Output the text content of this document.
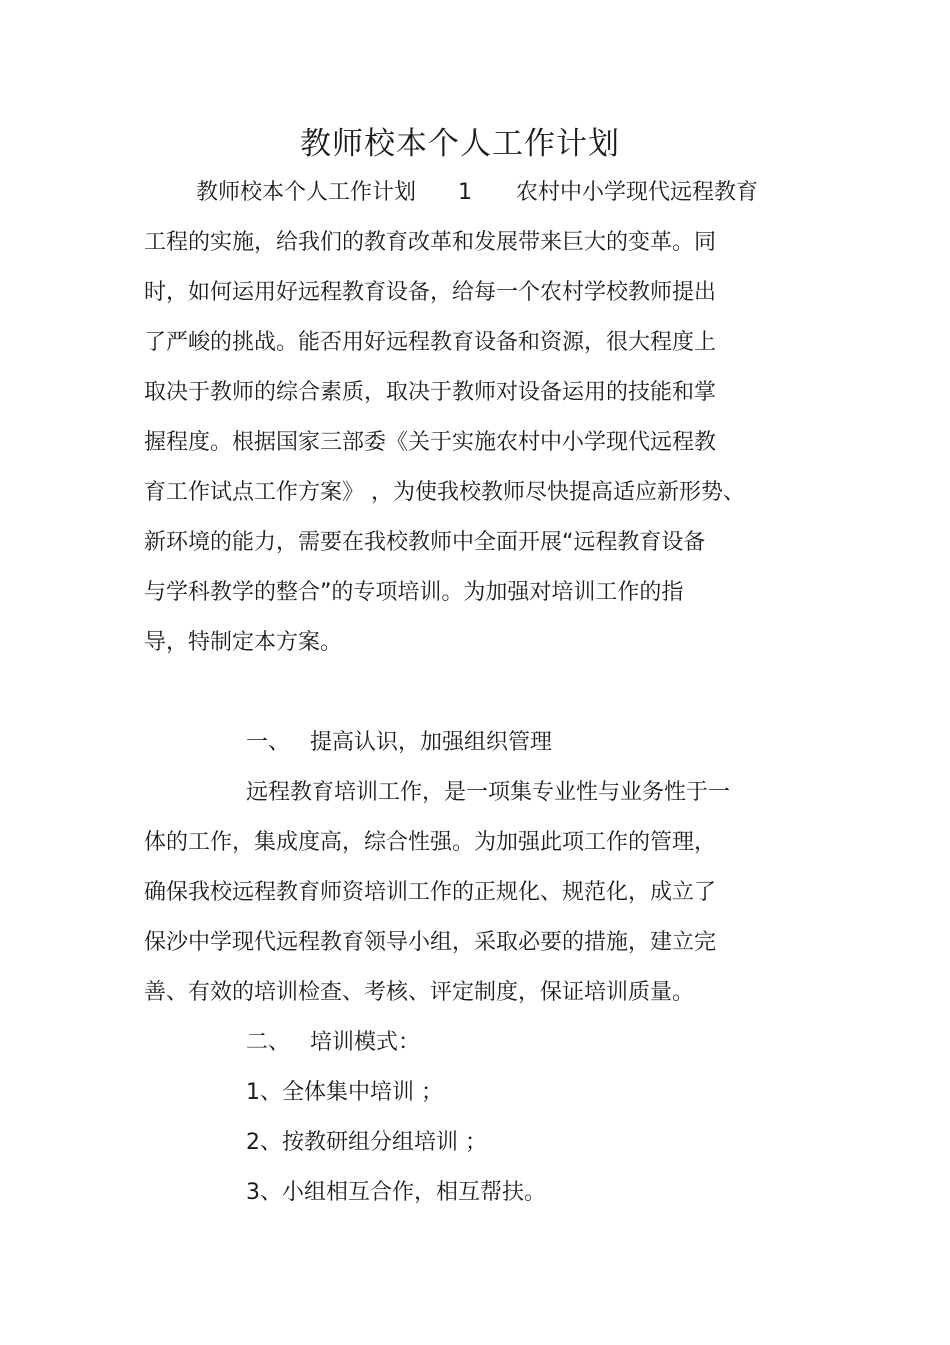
教师校本个人工作计划
教师校本个人工作计划 1 农村中小学现代远程教育
工程的实施，给我们的教育改革和发展带来巨大的变革。同
时，如何运用好远程教育设备，给每一个农村学校教师提出
了严峻的挑战。能否用好远程教育设备和资源，很大程度上
取决于教师的综合素质，取决于教师对设备运用的技能和掌
握程度。根据国家三部委《关于实施农村中小学现代远程教
育工作试点工作方案》 ，为使我校教师尽快提高适应新形势、
新环境的能力，需要在我校教师中全面开展“远程教育设备
与学科教学的整合”的专项培训。为加强对培训工作的指
导，特制定本方案。
一、 提高认识，加强组织管理
远程教育培训工作，是一项集专业性与业务性于一
体的工作，集成度高，综合性强。为加强此项工作的管理，
确保我校远程教育师资培训工作的正规化、规范化，成立了
保沙中学现代远程教育领导小组，采取必要的措施，建立完
善、有效的培训检查、考核、评定制度，保证培训质量。
二、 培训模式：
1、全体集中培训 ；
2、按教研组分组培训 ；
3、小组相互合作，相互帮扶。
